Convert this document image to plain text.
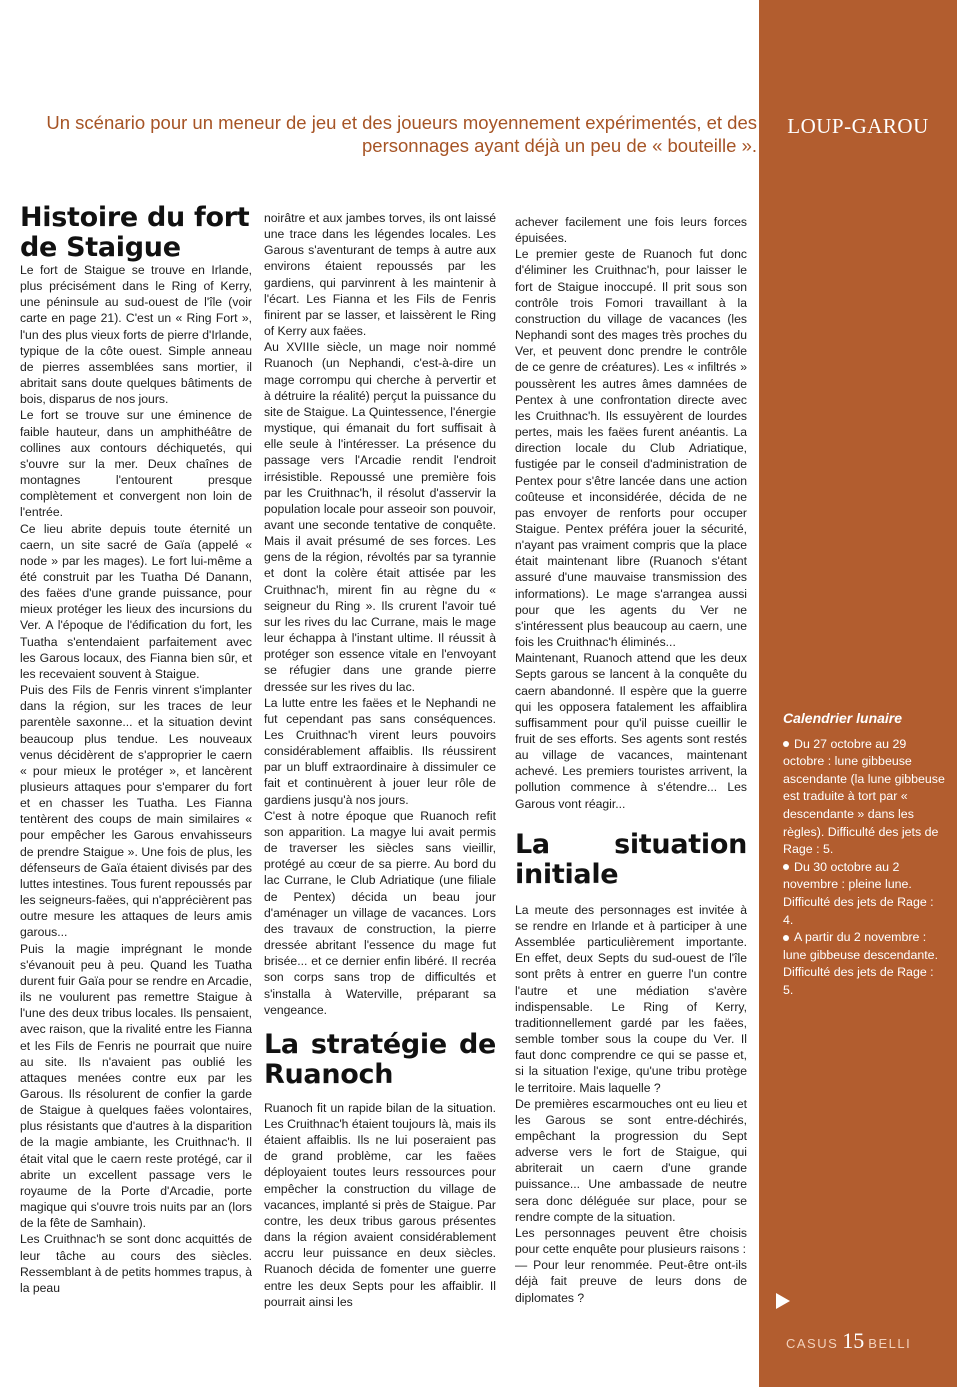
LOUP-GAROU
Un scénario pour un meneur de jeu et des joueurs moyennement expérimentés, et des personnages ayant déjà un peu de « bouteille ».
Histoire du fort de Staigue

Le fort de Staigue se trouve en Irlande, plus précisément dans le Ring of Kerry, une péninsule au sud-ouest de l'île (voir carte en page 21). C'est un « Ring Fort », l'un des plus vieux forts de pierre d'Irlande, typique de la côte ouest. Simple anneau de pierres assemblées sans mortier, il abritait sans doute quelques bâtiments de bois, disparus de nos jours.

Le fort se trouve sur une éminence de faible hauteur, dans un amphithéâtre de collines aux contours déchiquetés, qui s'ouvre sur la mer. Deux chaînes de montagnes l'entourent presque complètement et convergent non loin de l'entrée.

Ce lieu abrite depuis toute éternité un caern, un site sacré de Gaïa (appelé « node » par les mages). Le fort lui-même a été construit par les Tuatha Dé Danann, des faëes d'une grande puissance, pour mieux protéger les lieux des incursions du Ver. A l'époque de l'édification du fort, les Tuatha s'entendaient parfaitement avec les Garous locaux, des Fianna bien sûr, et les recevaient souvent à Staigue.

Puis des Fils de Fenris vinrent s'implanter dans la région, sur les traces de leur parentèle saxonne... et la situation devint beaucoup plus tendue. Les nouveaux venus décidèrent de s'approprier le caern « pour mieux le protéger », et lancèrent plusieurs attaques pour s'emparer du fort et en chasser les Tuatha. Les Fianna tentèrent des coups de main similaires « pour empêcher les Garous envahisseurs de prendre Staigue ». Une fois de plus, les défenseurs de Gaïa étaient divisés par des luttes intestines. Tous furent repoussés par les seigneurs-faëes, qui n'apprécièrent pas outre mesure les attaques de leurs amis garous...

Puis la magie imprégnant le monde s'évanouit peu à peu. Quand les Tuatha durent fuir Gaïa pour se rendre en Arcadie, ils ne voulurent pas remettre Staigue à l'une des deux tribus locales. Ils pensaient, avec raison, que la rivalité entre les Fianna et les Fils de Fenris ne pourrait que nuire au site. Ils n'avaient pas oublié les attaques menées contre eux par les Garous. Ils résolurent de confier la garde de Staigue à quelques faëes volontaires, plus résistants que d'autres à la disparition de la magie ambiante, les Cruithnac'h. Il était vital que le caern reste protégé, car il abrite un excellent passage vers le royaume de la Porte d'Arcadie, porte magique qui s'ouvre trois nuits par an (lors de la fête de Samhain).

Les Cruithnac'h se sont donc acquittés de leur tâche au cours des siècles. Ressemblant à de petits hommes trapus, à la peau

noirâtre et aux jambes torves, ils ont laissé une trace dans les légendes locales. Les Garous s'aventurant de temps à autre aux environs étaient repoussés par les gardiens, qui parvinrent à les maintenir à l'écart. Les Fianna et les Fils de Fenris finirent par se lasser, et laissèrent le Ring of Kerry aux faëes.

Au XVIIIe siècle, un mage noir nommé Ruanoch (un Nephandi, c'est-à-dire un mage corrompu qui cherche à pervertir et à détruire la réalité) perçut la puissance du site de Staigue. La Quintessence, l'énergie mystique, qui émanait du fort suffisait à elle seule à l'intéresser. La présence du passage vers l'Arcadie rendit l'endroit irrésistible. Repoussé une première fois par les Cruithnac'h, il résolut d'asservir la population locale pour asseoir son pouvoir, avant une seconde tentative de conquête. Mais il avait présumé de ses forces. Les gens de la région, révoltés par sa tyrannie et dont la colère était attisée par les Cruithnac'h, mirent fin au règne du « seigneur du Ring ». Ils crurent l'avoir tué sur les rives du lac Currane, mais le mage leur échappa à l'instant ultime. Il réussit à protéger son essence vitale en l'envoyant se réfugier dans une grande pierre dressée sur les rives du lac.

La lutte entre les faëes et le Nephandi ne fut cependant pas sans conséquences. Les Cruithnac'h virent leurs pouvoirs considérablement affaiblis. Ils réussirent par un bluff extraordinaire à dissimuler ce fait et continuèrent à jouer leur rôle de gardiens jusqu'à nos jours.

C'est à notre époque que Ruanoch refit son apparition. La magye lui avait permis de traverser les siècles sans vieillir, protégé au cœur de sa pierre. Au bord du lac Currane, le Club Adriatique (une filiale de Pentex) décida un beau jour d'aménager un village de vacances. Lors des travaux de construction, la pierre dressée abritant l'essence du mage fut brisée... et ce dernier enfin libéré. Il recréa son corps sans trop de difficultés et s'installa à Waterville, préparant sa vengeance.

La stratégie de Ruanoch

Ruanoch fit un rapide bilan de la situation. Les Cruithnac'h étaient toujours là, mais ils étaient affaiblis. Ils ne lui poseraient pas de grand problème, car les faëes déployaient toutes leurs ressources pour empêcher la construction du village de vacances, implanté si près de Staigue. Par contre, les deux tribus garous présentes dans la région avaient considérablement accru leur puissance en deux siècles. Ruanoch décida de fomenter une guerre entre les deux Septs pour les affaiblir. Il pourrait ainsi les

achever facilement une fois leurs forces épuisées.

Le premier geste de Ruanoch fut donc d'éliminer les Cruithnac'h, pour laisser le fort de Staigue inoccupé. Il prit sous son contrôle trois Fomori travaillant à la construction du village de vacances (les Nephandi sont des mages très proches du Ver, et peuvent donc prendre le contrôle de ce genre de créatures). Les « infiltrés » poussèrent les autres âmes damnées de Pentex à une confrontation directe avec les Cruithnac'h. Ils essuyèrent de lourdes pertes, mais les faëes furent anéantis. La direction locale du Club Adriatique, fustigée par le conseil d'administration de Pentex pour s'être lancée dans une action coûteuse et inconsidérée, décida de ne pas envoyer de renforts pour occuper Staigue. Pentex préféra jouer la sécurité, n'ayant pas vraiment compris que la place était maintenant libre (Ruanoch s'étant assuré d'une mauvaise transmission des informations). Le mage s'arrangea aussi pour que les agents du Ver ne s'intéressent plus beaucoup au caern, une fois les Cruithnac'h éliminés...

Maintenant, Ruanoch attend que les deux Septs garous se lancent à la conquête du caern abandonné. Il espère que la guerre qui les opposera fatalement les affaiblira suffisamment pour qu'il puisse cueillir le fruit de ses efforts. Ses agents sont restés au village de vacances, maintenant achevé. Les premiers touristes arrivent, la pollution commence à s'étendre... Les Garous vont réagir...

La situation initiale

La meute des personnages est invitée à se rendre en Irlande et à participer à une Assemblée particulièrement importante. En effet, deux Septs du sud-ouest de l'île sont prêts à entrer en guerre l'un contre l'autre et une médiation s'avère indispensable. Le Ring of Kerry, traditionnellement gardé par les faëes, semble tomber sous la coupe du Ver. Il faut donc comprendre ce qui se passe et, si la situation l'exige, qu'une tribu protège le territoire. Mais laquelle ?

De premières escarmouches ont eu lieu et les Garous se sont entre-déchirés, empêchant la progression du Sept adverse vers le fort de Staigue, qui abriterait un caern d'une grande puissance... Une ambassade de neutre sera donc déléguée sur place, pour se rendre compte de la situation.

Les personnages peuvent être choisis pour cette enquête pour plusieurs raisons :

— Pour leur renommée. Peut-être ont-ils déjà fait preuve de leurs dons de diplomates ?

Calendrier lunaire
Du 27 octobre au 29 octobre : lune gibbeuse ascendante (la lune gibbeuse est traduite à tort par « descendante » dans les règles). Difficulté des jets de Rage : 5.
Du 30 octobre au 2 novembre : pleine lune. Difficulté des jets de Rage : 4.
A partir du 2 novembre : lune gibbeuse descendante. Difficulté des jets de Rage : 5.
CASUS 15 BELLI
